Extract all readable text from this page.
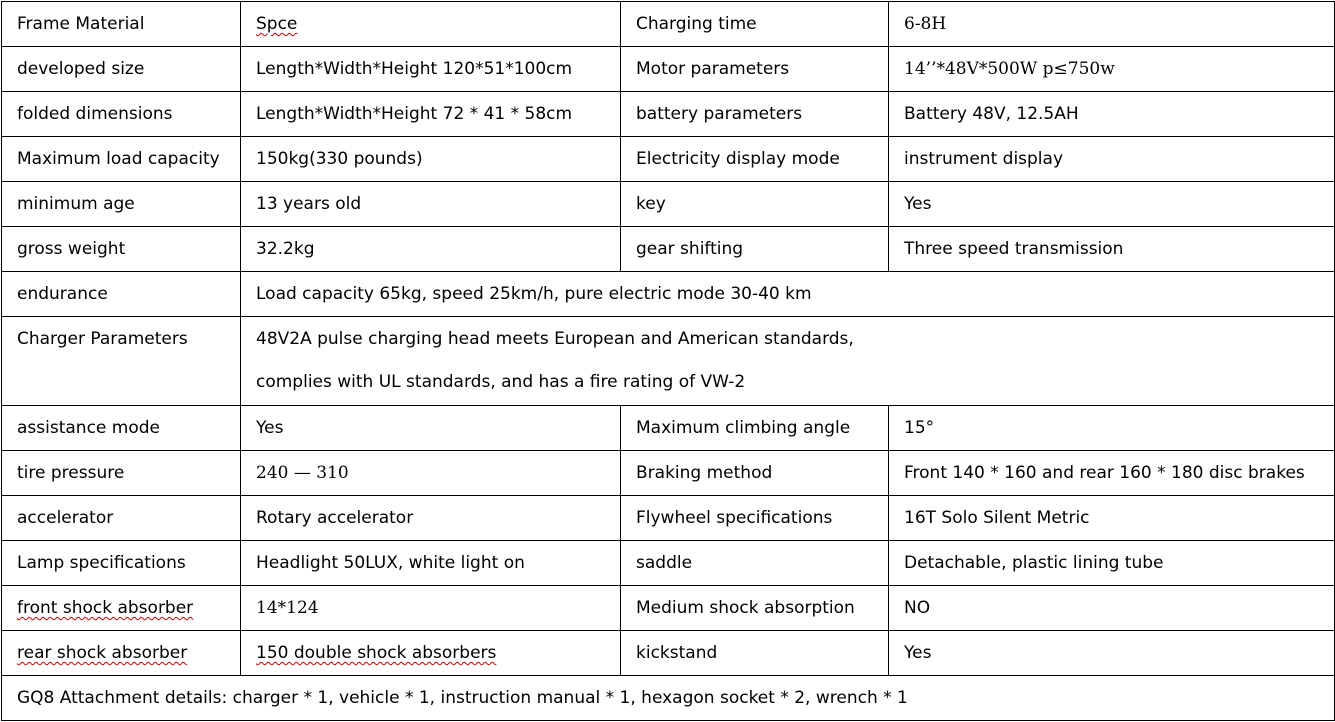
Frame Material	Spce	Charging time	6-8H
developed size	Length*Width*Height 120*51*100cm	Motor parameters	14’’*48V*500W p≤750w
folded dimensions	Length*Width*Height 72 * 41 * 58cm	battery parameters	Battery 48V, 12.5AH
Maximum load capacity	150kg(330 pounds)	Electricity display mode	instrument display
minimum age	13 years old	key	Yes
gross weight	32.2kg	gear shifting	Three speed transmission
endurance	Load capacity 65kg, speed 25km/h, pure electric mode 30-40 km		
Charger Parameters	48V2A pulse charging head meets European and American standards,
complies with UL standards, and has a fire rating of VW-2		

assistance mode	Yes	Maximum climbing angle	15°
tire pressure	240 — 310	Braking method	Front 140 * 160 and rear 160 * 180 disc brakes
accelerator	Rotary accelerator	Flywheel specifications	16T Solo Silent Metric
Lamp specifications	Headlight 50LUX, white light on	saddle	Detachable, plastic lining tube
front shock absorber	14*124	Medium shock absorption	NO
rear shock absorber	150 double shock absorbers	kickstand	Yes
GQ8 Attachment details: charger * 1, vehicle * 1, instruction manual * 1, hexagon socket * 2, wrench * 1			
